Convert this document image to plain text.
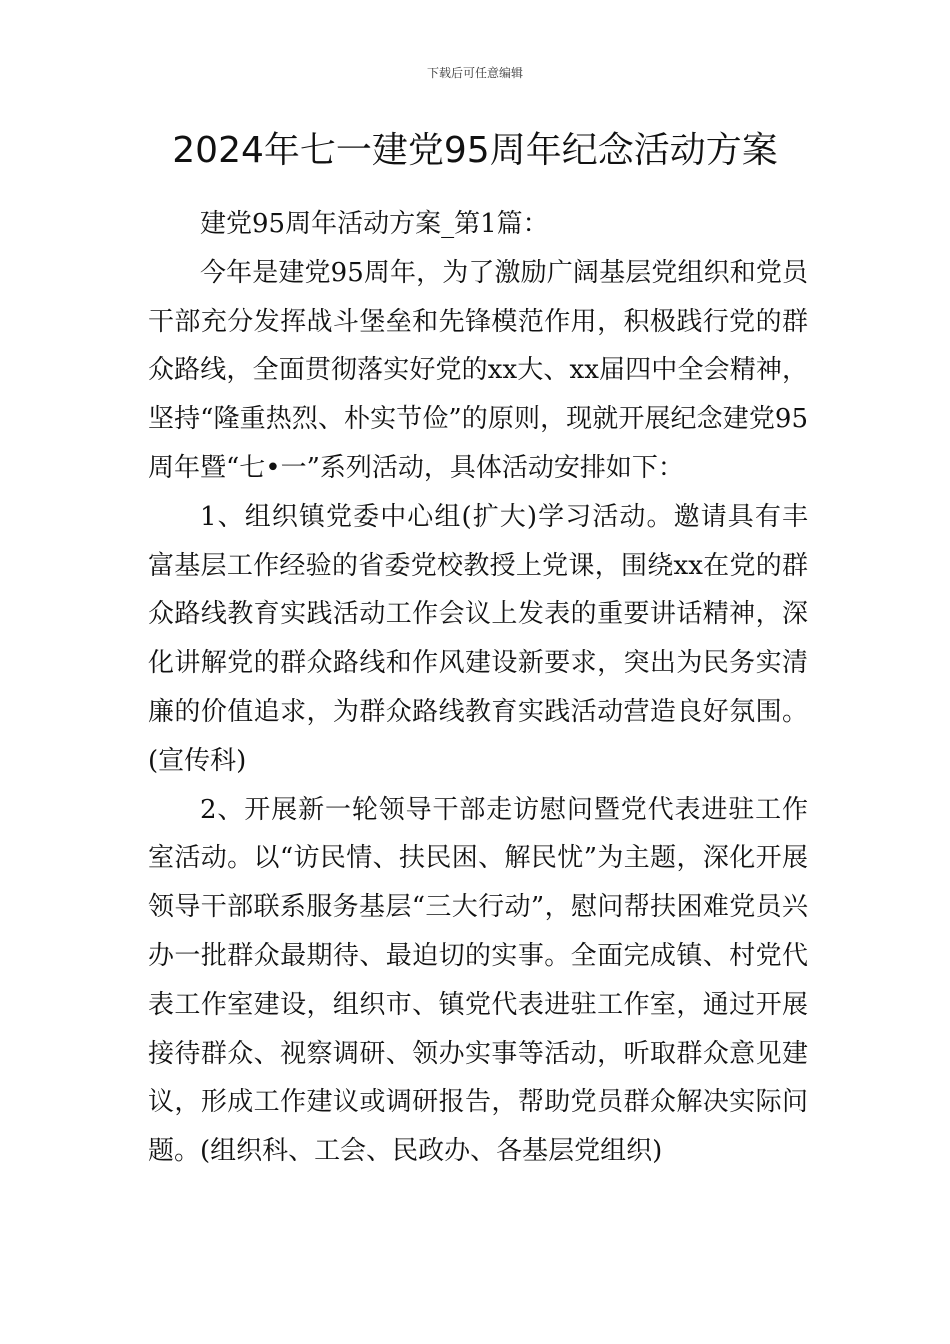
下载后可任意编辑
2024年七一建党95周年纪念活动方案

建党95周年活动方案_第1篇：

今年是建党95周年，为了激励广阔基层党组织和党员干部充分发挥战斗堡垒和先锋模范作用，积极践行党的群众路线，全面贯彻落实好党的xx大、xx届四中全会精神，坚持“隆重热烈、朴实节俭”的原则，现就开展纪念建党95周年暨“七•一”系列活动，具体活动安排如下：

1、组织镇党委中心组(扩大)学习活动。邀请具有丰富基层工作经验的省委党校教授上党课，围绕xx在党的群众路线教育实践活动工作会议上发表的重要讲话精神，深化讲解党的群众路线和作风建设新要求，突出为民务实清廉的价值追求，为群众路线教育实践活动营造良好氛围。(宣传科)

2、开展新一轮领导干部走访慰问暨党代表进驻工作室活动。以“访民情、扶民困、解民忧”为主题，深化开展领导干部联系服务基层“三大行动”，慰问帮扶困难党员兴办一批群众最期待、最迫切的实事。全面完成镇、村党代表工作室建设，组织市、镇党代表进驻工作室，通过开展接待群众、视察调研、领办实事等活动，听取群众意见建议，形成工作建议或调研报告，帮助党员群众解决实际问题。(组织科、工会、民政办、各基层党组织)
